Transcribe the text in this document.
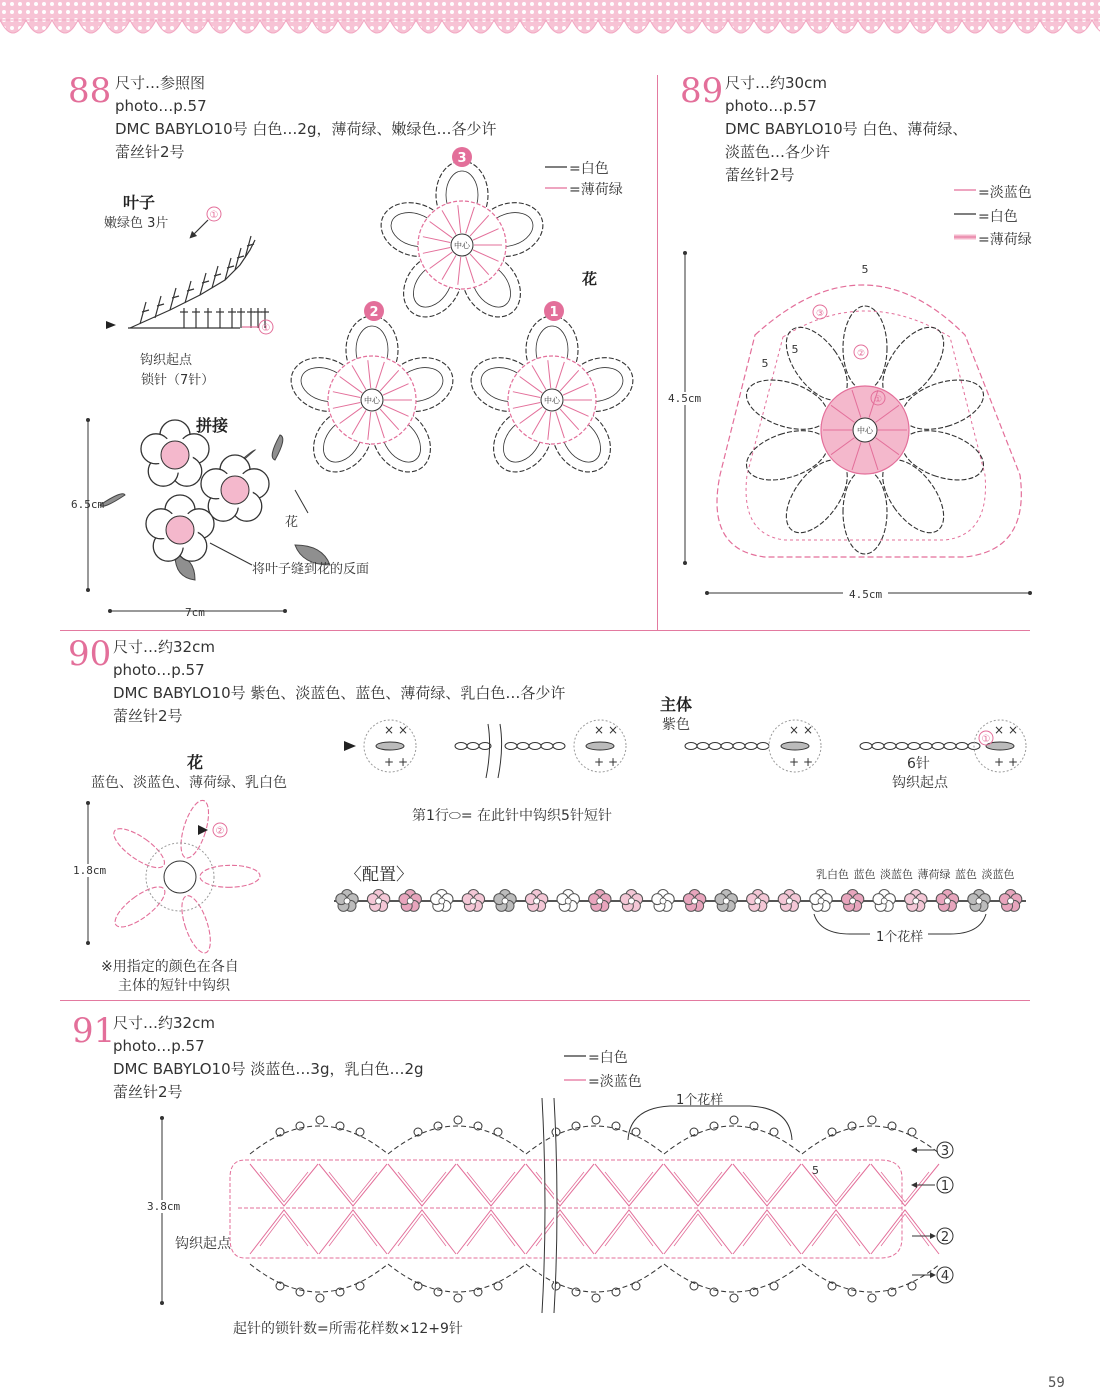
88 尺寸…参照图
photo…p.57
DMC BABYLO10号 白色…2g，薄荷绿、嫩绿色…各少许
蕾丝针2号
叶子
嫩绿色 3片
①
①
钩织起点
锁针（7针）
拼接
花
将叶子缝到花的反面
6.5cm
7cm
中心
中心	中心
3
2	1
花
=白色
=薄荷绿
89 尺寸…约30cm
photo…p.57
DMC BABYLO10号 白色、薄荷绿、
淡蓝色…各少许
蕾丝针2号
=淡蓝色
=白色
=薄荷绿
中心
5
5
5
①
②
③
4.5cm
4.5cm
90 尺寸…约32cm
photo…p.57
DMC BABYLO10号 紫色、淡蓝色、蓝色、薄荷绿、乳白色…各少许
蕾丝针2号
花
蓝色、淡蓝色、薄荷绿、乳白色
②
1.8cm
※用指定的颜色在各自
主体的短针中钩织
主体
紫色
× ×
+ +
× ×
+ +
× ×
+ +
× ×
+ +
①
6针
钩织起点
第1行⬭= 在此针中钩织5针短针
〈配置〉	乳白色 蓝色 淡蓝色 薄荷绿 蓝色 淡蓝色
1个花样
91
尺寸…约32cm
photo…p.57
DMC BABYLO10号 淡蓝色…3g，乳白色…2g
蕾丝针2号
=白色
=淡蓝色
1个花样
5
3
1
2
4
3.8cm
钩织起点
起针的锁针数=所需花样数×12+9针
59
